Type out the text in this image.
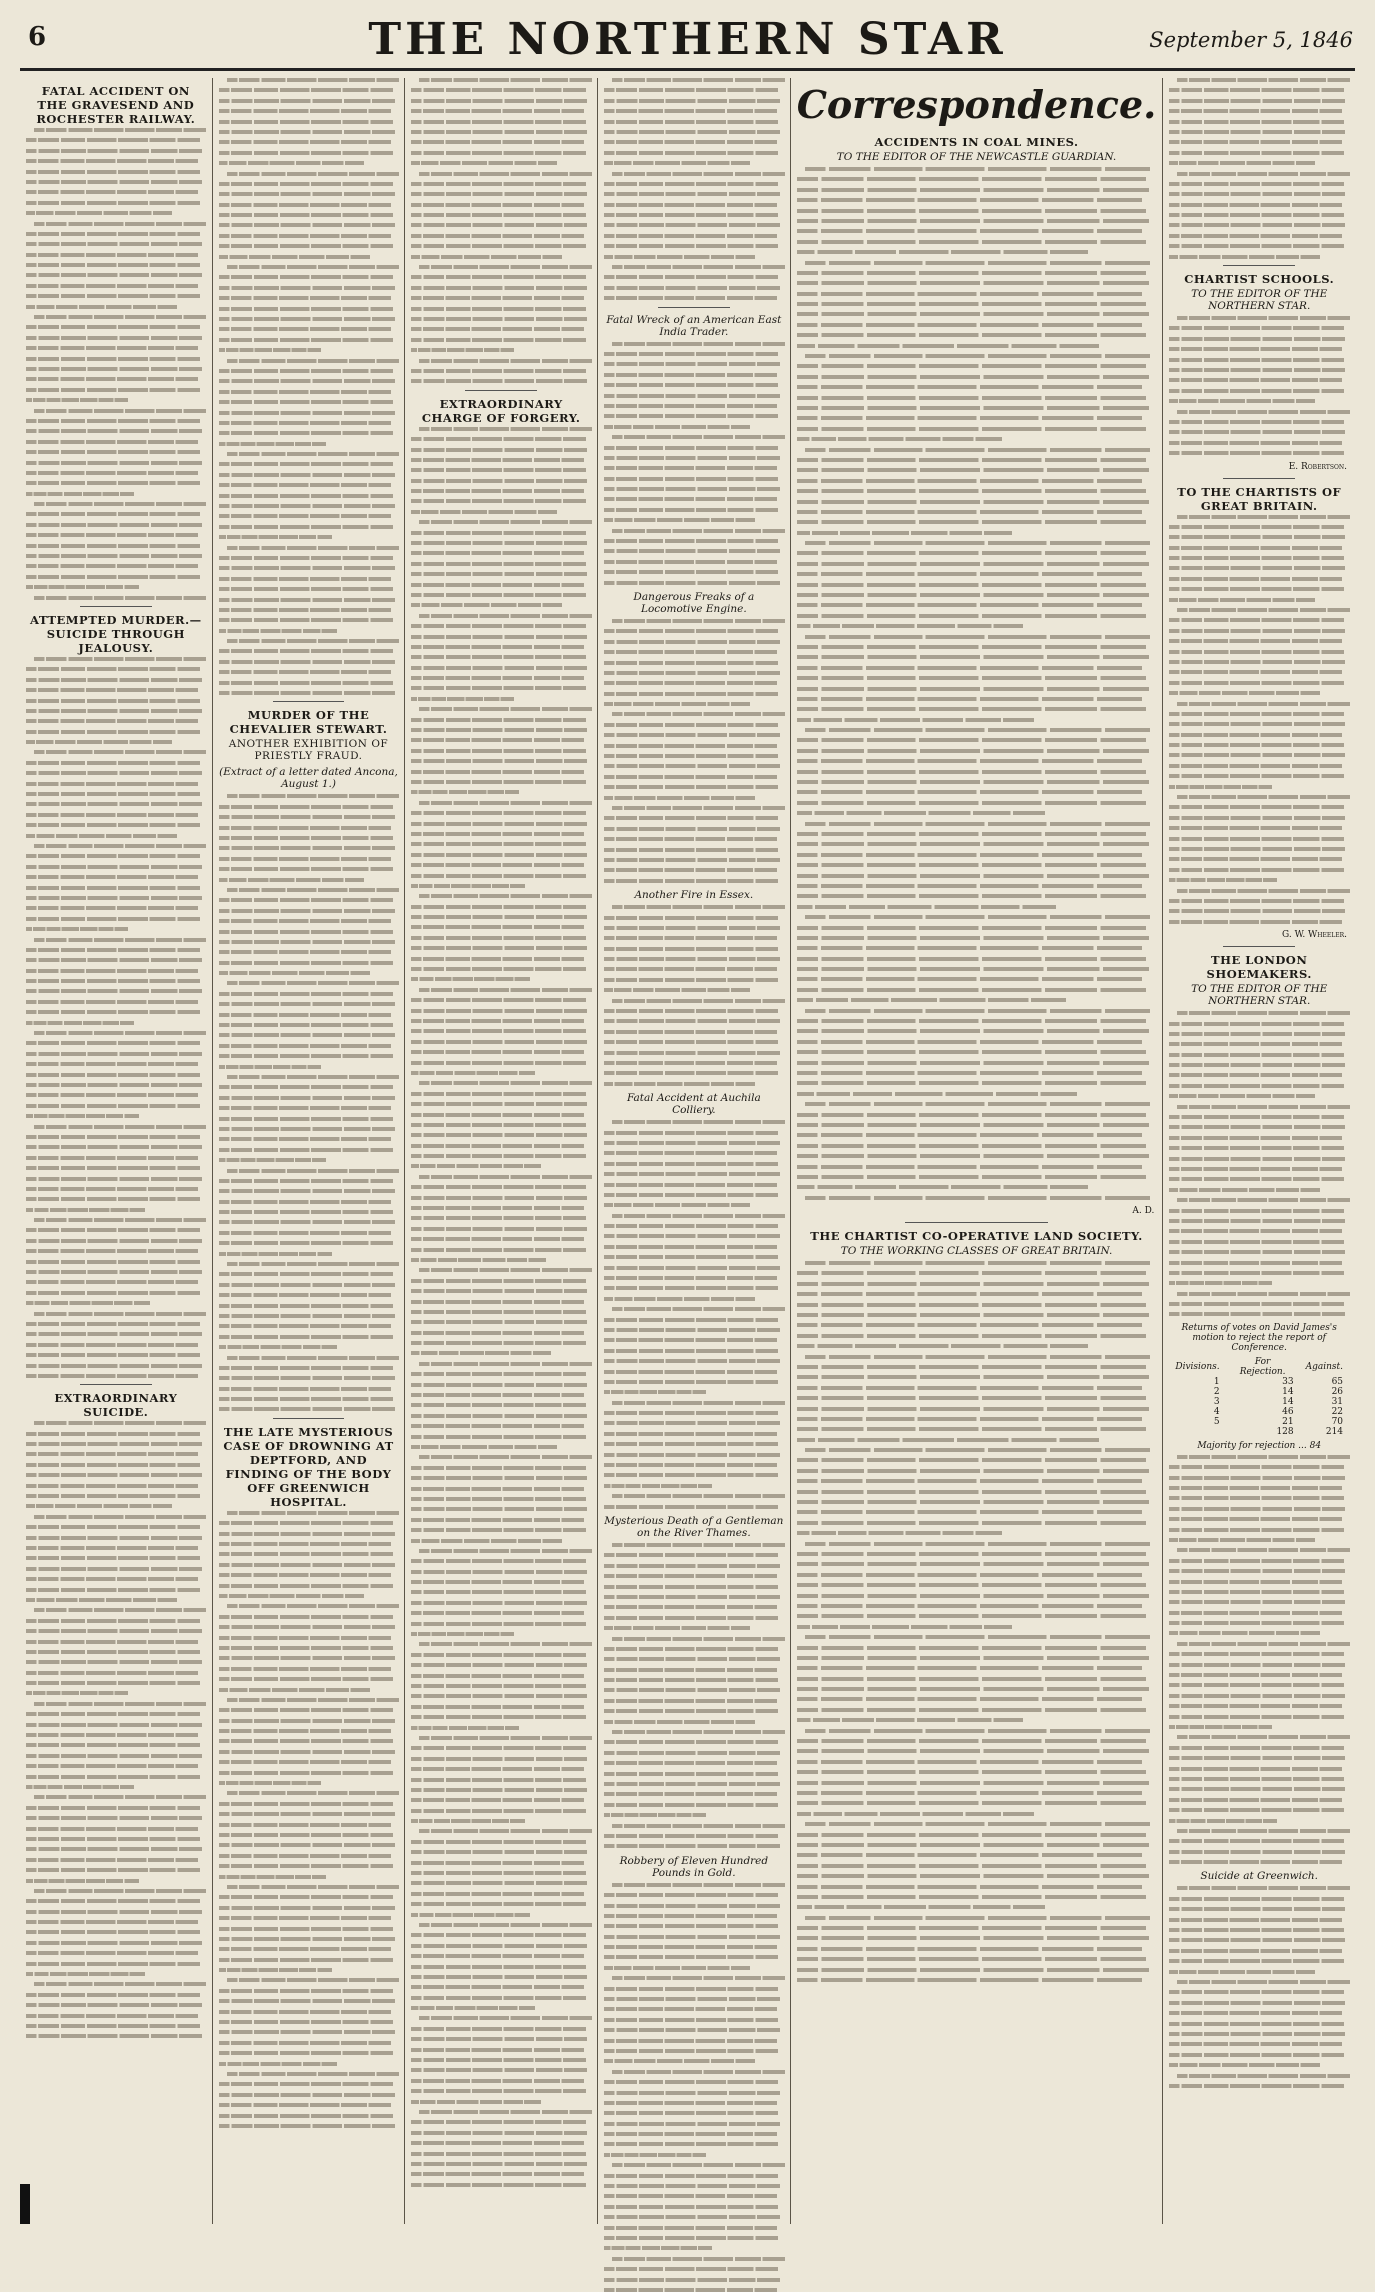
6	THE NORTHERN STAR	September 5, 1846
FATAL ACCIDENT ON THE GRAVESEND AND ROCHESTER RAILWAY.
ATTEMPTED MURDER.—SUICIDE THROUGH JEALOUSY.
EXTRAORDINARY SUICIDE.
MURDER OF THE CHEVALIER STEWART.
ANOTHER EXHIBITION OF PRIESTLY FRAUD.
(Extract of a letter dated Ancona, August 1.)
THE LATE MYSTERIOUS CASE OF DROWNING AT DEPTFORD, AND FINDING OF THE BODY OFF GREENWICH HOSPITAL.
EXTRAORDINARY CHARGE OF FORGERY.
Fatal Wreck of an American East India Trader.
Dangerous Freaks of a Locomotive Engine.
Another Fire in Essex.
Fatal Accident at Auchila Colliery.
Mysterious Death of a Gentleman on the River Thames.
Robbery of Eleven Hundred Pounds in Gold.
Correspondence.
ACCIDENTS IN COAL MINES.
TO THE EDITOR OF THE NEWCASTLE GUARDIAN.
A. D.
THE CHARTIST CO-OPERATIVE LAND SOCIETY.
TO THE WORKING CLASSES OF GREAT BRITAIN.
CHARTIST SCHOOLS.
TO THE EDITOR OF THE NORTHERN STAR.
E. Robertson.
TO THE CHARTISTS OF GREAT BRITAIN.
G. W. Wheeler.
THE LONDON SHOEMAKERS.
TO THE EDITOR OF THE NORTHERN STAR.
Returns of votes on David James's motion to reject the report of Conference.
Divisions.	For Rejection.	Against.
1	33	65
2	14	26
3	14	31
4	46	22
5	21	70
	128	214
Majority for rejection ... 84
Suicide at Greenwich.
